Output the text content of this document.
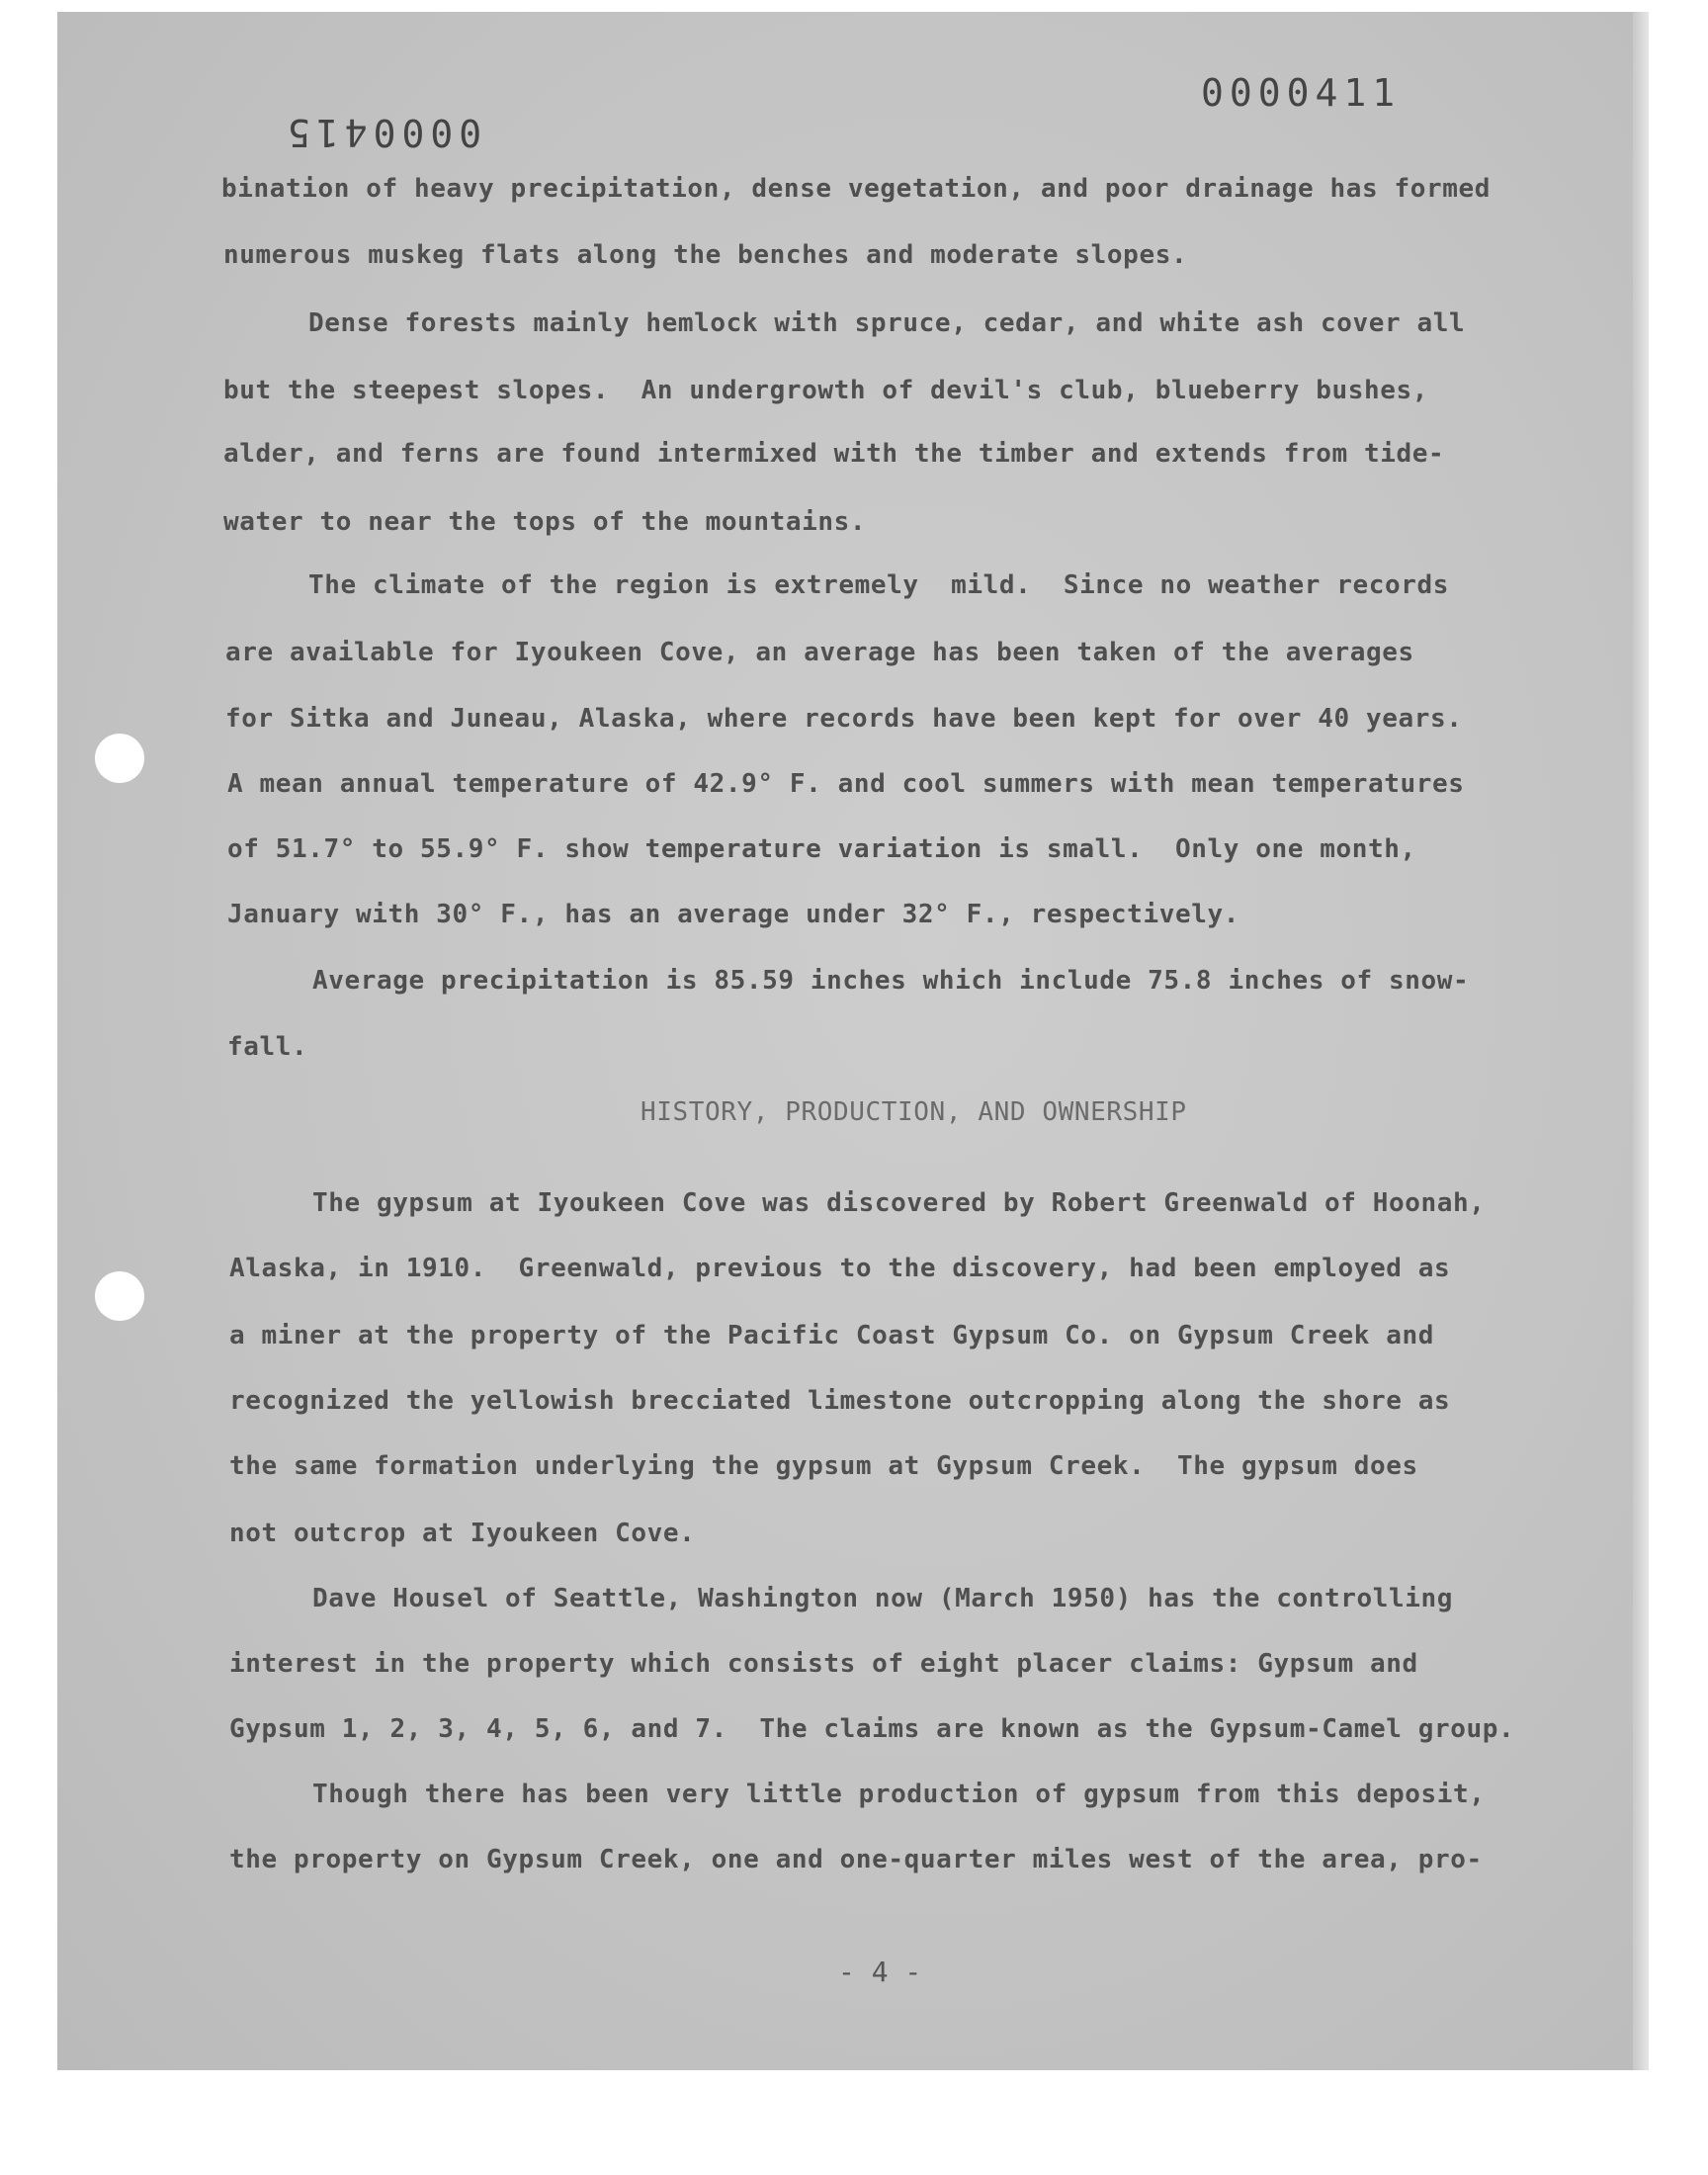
0000411
0000415
bination of heavy precipitation, dense vegetation, and poor drainage has formed
numerous muskeg flats along the benches and moderate slopes.
Dense forests mainly hemlock with spruce, cedar, and white ash cover all
but the steepest slopes.  An undergrowth of devil's club, blueberry bushes,
alder, and ferns are found intermixed with the timber and extends from tide-
water to near the tops of the mountains.
The climate of the region is extremely  mild.  Since no weather records
are available for Iyoukeen Cove, an average has been taken of the averages
for Sitka and Juneau, Alaska, where records have been kept for over 40 years.
A mean annual temperature of 42.9° F. and cool summers with mean temperatures
of 51.7° to 55.9° F. show temperature variation is small.  Only one month,
January with 30° F., has an average under 32° F., respectively.
Average precipitation is 85.59 inches which include 75.8 inches of snow-
fall.
HISTORY, PRODUCTION, AND OWNERSHIP
The gypsum at Iyoukeen Cove was discovered by Robert Greenwald of Hoonah,
Alaska, in 1910.  Greenwald, previous to the discovery, had been employed as
a miner at the property of the Pacific Coast Gypsum Co. on Gypsum Creek and
recognized the yellowish brecciated limestone outcropping along the shore as
the same formation underlying the gypsum at Gypsum Creek.  The gypsum does
not outcrop at Iyoukeen Cove.
Dave Housel of Seattle, Washington now (March 1950) has the controlling
interest in the property which consists of eight placer claims: Gypsum and
Gypsum 1, 2, 3, 4, 5, 6, and 7.  The claims are known as the Gypsum-Camel group.
Though there has been very little production of gypsum from this deposit,
the property on Gypsum Creek, one and one-quarter miles west of the area, pro-
- 4 -
